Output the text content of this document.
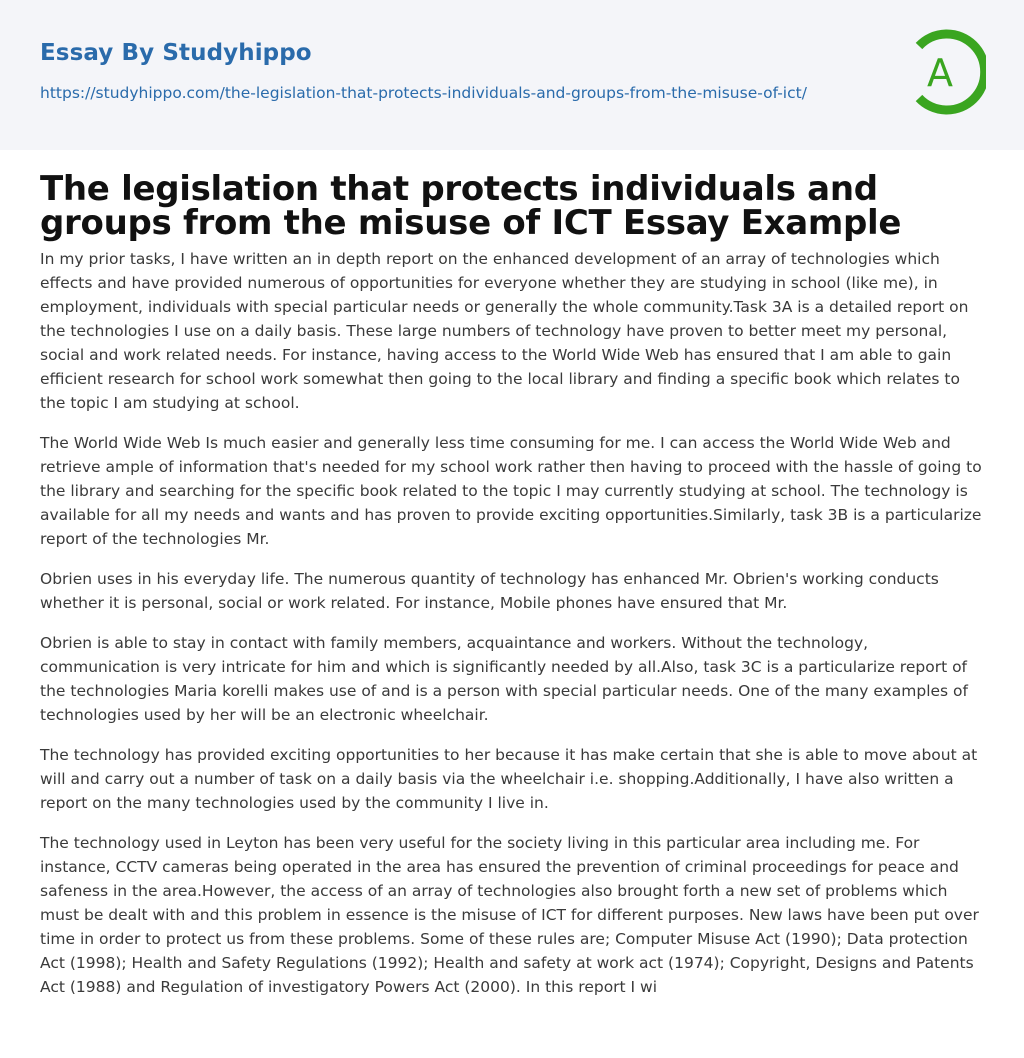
Essay By Studyhippo
https://studyhippo.com/the-legislation-that-protects-individuals-and-groups-from-the-misuse-of-ict/	A
The legislation that protects individuals and groups from the misuse of ICT Essay Example

In my prior tasks, I have written an in depth report on the enhanced development of an array of technologies which effects and have provided numerous of opportunities for everyone whether they are studying in school (like me), in employment, individuals with special particular needs or generally the whole community.Task 3A is a detailed report on the technologies I use on a daily basis. These large numbers of technology have proven to better meet my personal, social and work related needs. For instance, having access to the World Wide Web has ensured that I am able to gain efficient research for school work somewhat then going to the local library and finding a specific book which relates to the topic I am studying at school.

The World Wide Web Is much easier and generally less time consuming for me. I can access the World Wide Web and retrieve ample of information that's needed for my school work rather then having to proceed with the hassle of going to the library and searching for the specific book related to the topic I may currently studying at school. The technology is available for all my needs and wants and has proven to provide exciting opportunities.Similarly, task 3B is a particularize report of the technologies Mr.

Obrien uses in his everyday life. The numerous quantity of technology has enhanced Mr. Obrien's working conducts whether it is personal, social or work related. For instance, Mobile phones have ensured that Mr.

Obrien is able to stay in contact with family members, acquaintance and workers. Without the technology, communication is very intricate for him and which is significantly needed by all.Also, task 3C is a particularize report of the technologies Maria korelli makes use of and is a person with special particular needs. One of the many examples of technologies used by her will be an electronic wheelchair.

The technology has provided exciting opportunities to her because it has make certain that she is able to move about at will and carry out a number of task on a daily basis via the wheelchair i.e. shopping.Additionally, I have also written a report on the many technologies used by the community I live in.

The technology used in Leyton has been very useful for the society living in this particular area including me. For instance, CCTV cameras being operated in the area has ensured the prevention of criminal proceedings for peace and safeness in the area.However, the access of an array of technologies also brought forth a new set of problems which must be dealt with and this problem in essence is the misuse of ICT for different purposes. New laws have been put over time in order to protect us from these problems. Some of these rules are; Computer Misuse Act (1990); Data protection Act (1998); Health and Safety Regulations (1992); Health and safety at work act (1974); Copyright, Designs and Patents Act (1988) and Regulation of investigatory Powers Act (2000). In this report I wi
